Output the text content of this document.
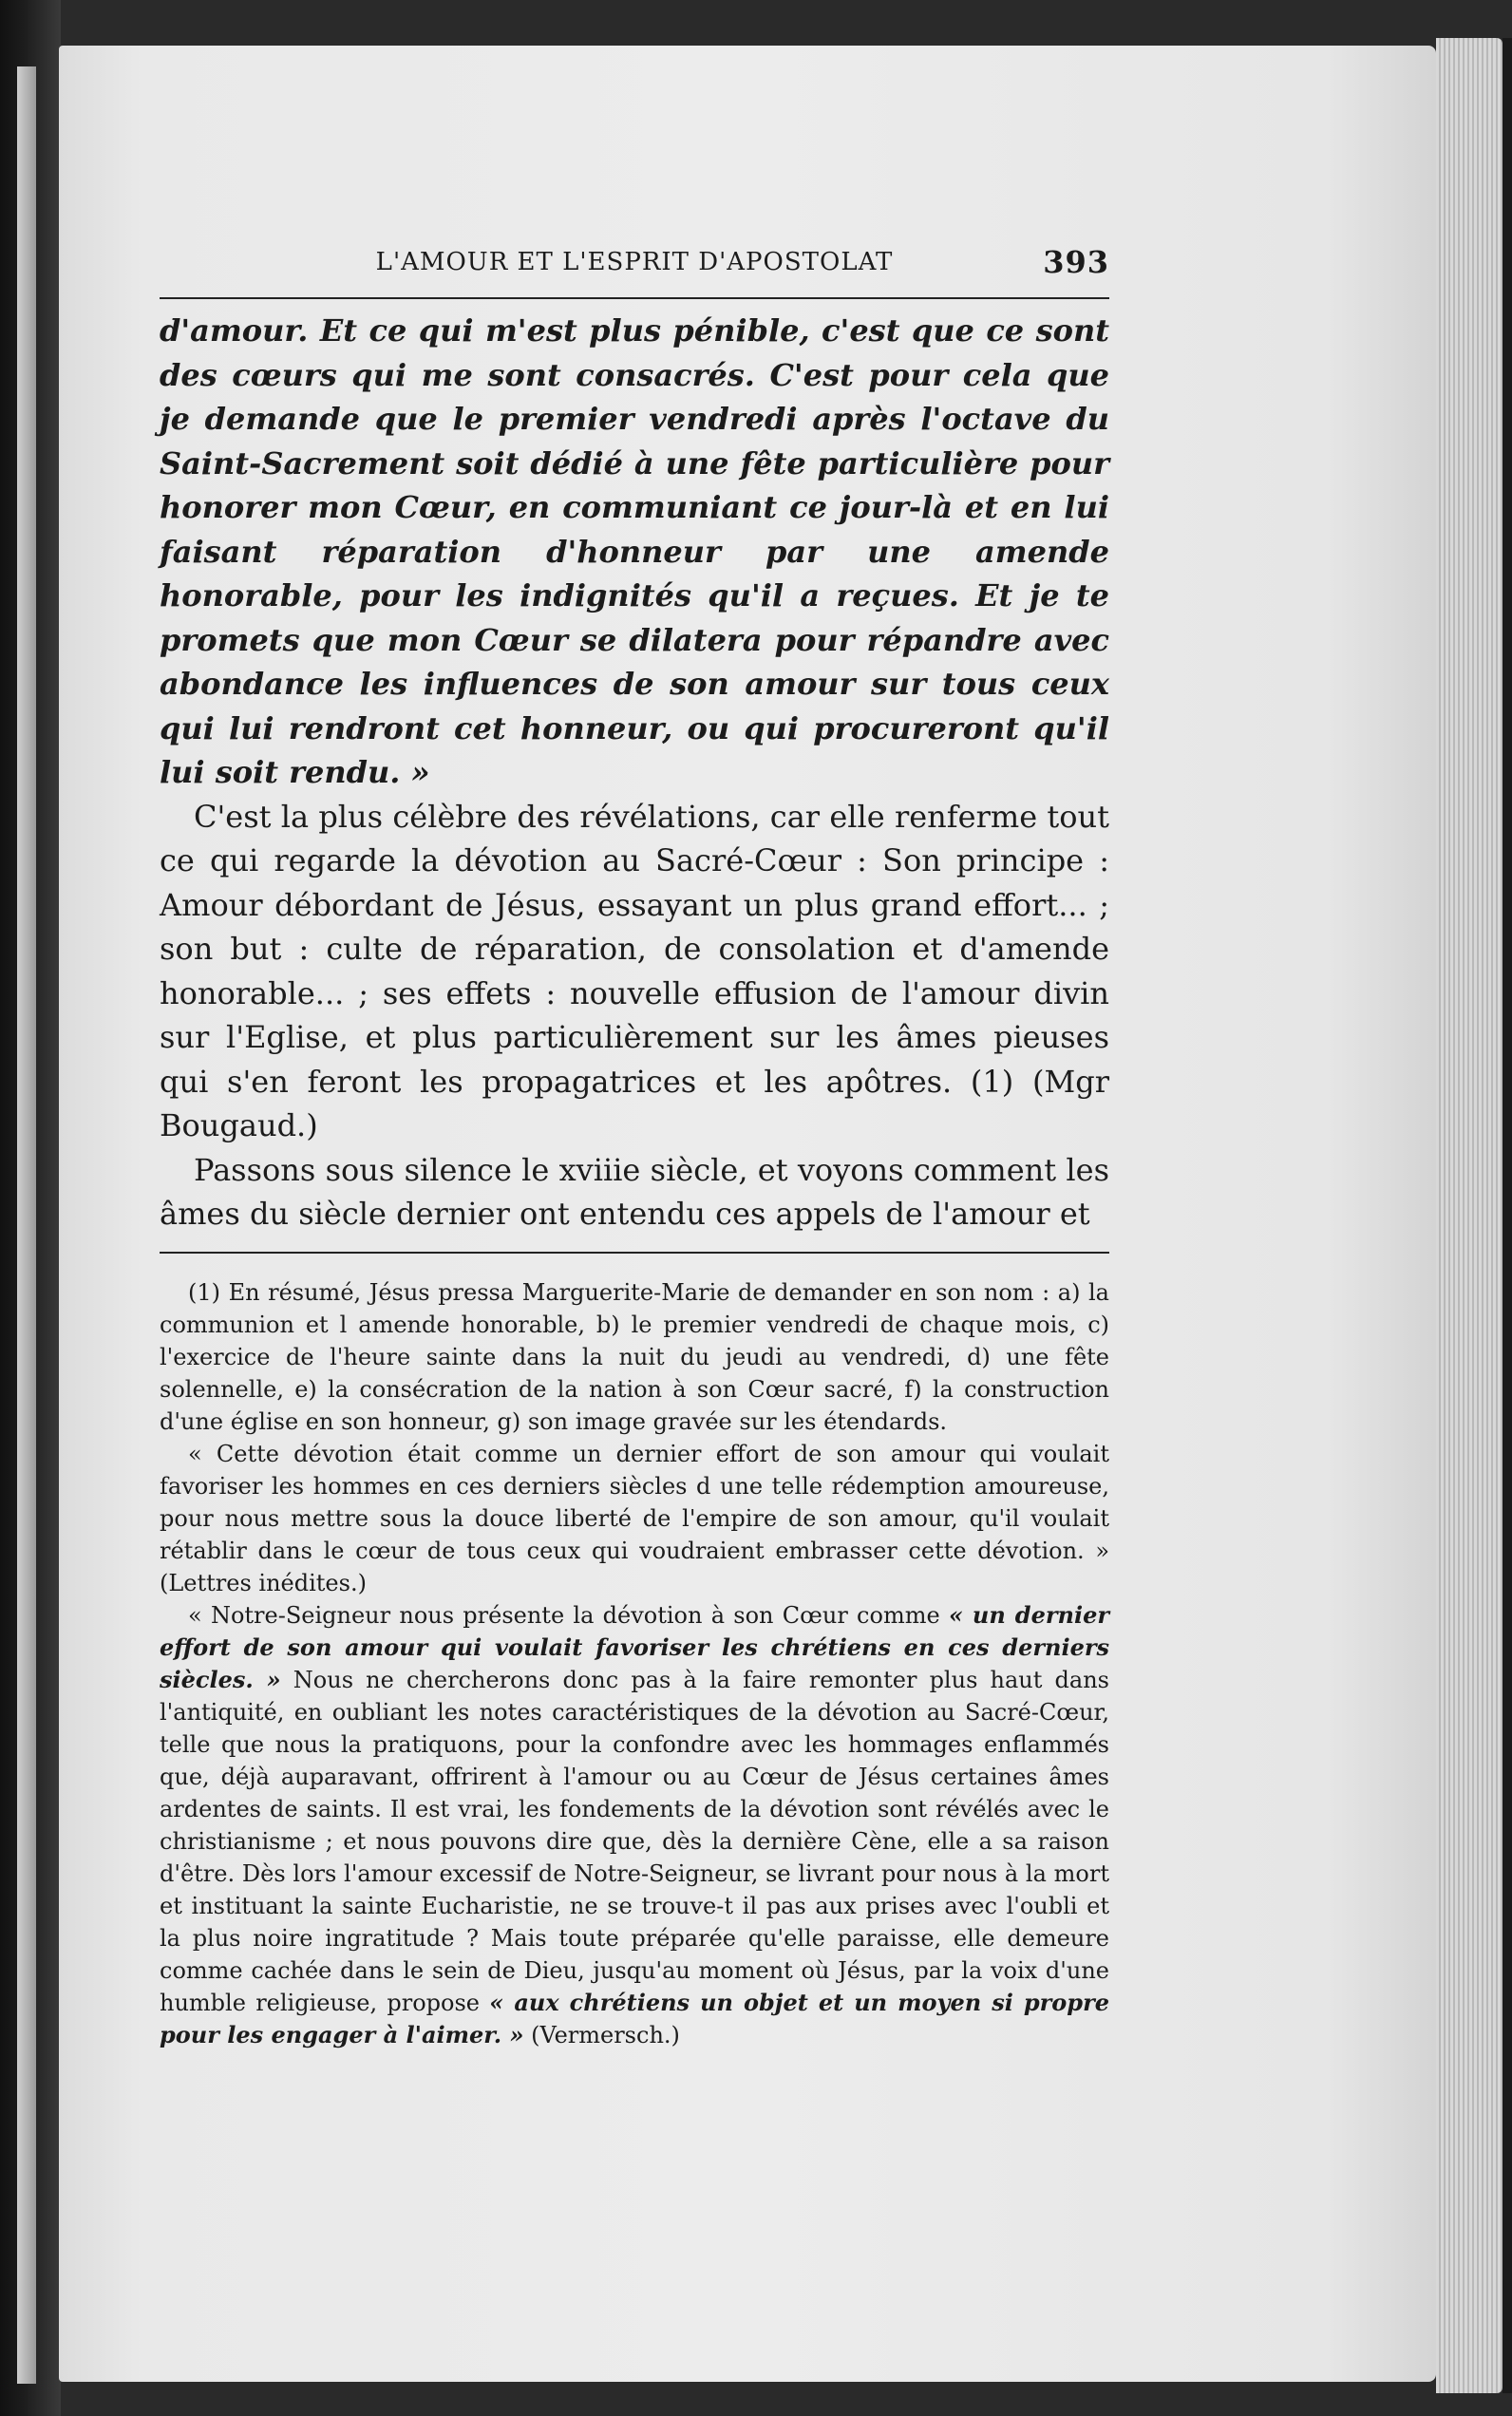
L'AMOUR ET L'ESPRIT D'APOSTOLAT	393

d'amour. Et ce qui m'est plus pénible, c'est que ce sont des cœurs qui me sont consacrés. C'est pour cela que je demande que le premier vendredi après l'octave du Saint-Sacrement soit dédié à une fête particulière pour honorer mon Cœur, en communiant ce jour-là et en lui faisant réparation d'honneur par une amende honorable, pour les indignités qu'il a reçues. Et je te promets que mon Cœur se dilatera pour répandre avec abondance les influences de son amour sur tous ceux qui lui rendront cet honneur, ou qui procureront qu'il lui soit rendu. »

C'est la plus célèbre des révélations, car elle renferme tout ce qui regarde la dévotion au Sacré-Cœur : Son principe : Amour débordant de Jésus, essayant un plus grand effort... ; son but : culte de réparation, de consolation et d'amende honorable... ; ses effets : nouvelle effusion de l'amour divin sur l'Eglise, et plus particulièrement sur les âmes pieuses qui s'en feront les propagatrices et les apôtres. (1) (Mgr Bougaud.)

Passons sous silence le xviiie siècle, et voyons comment les âmes du siècle dernier ont entendu ces appels de l'amour et

(1) En résumé, Jésus pressa Marguerite-Marie de demander en son nom : a) la communion et l amende honorable, b) le premier vendredi de chaque mois, c) l'exercice de l'heure sainte dans la nuit du jeudi au vendredi, d) une fête solennelle, e) la consécration de la nation à son Cœur sacré, f) la construction d'une église en son honneur, g) son image gravée sur les étendards.

« Cette dévotion était comme un dernier effort de son amour qui voulait favoriser les hommes en ces derniers siècles d une telle rédemption amoureuse, pour nous mettre sous la douce liberté de l'empire de son amour, qu'il voulait rétablir dans le cœur de tous ceux qui voudraient embrasser cette dévotion. » (Lettres inédites.)

« Notre-Seigneur nous présente la dévotion à son Cœur comme « un dernier effort de son amour qui voulait favoriser les chrétiens en ces derniers siècles. » Nous ne chercherons donc pas à la faire remonter plus haut dans l'antiquité, en oubliant les notes caractéristiques de la dévotion au Sacré-Cœur, telle que nous la pratiquons, pour la confondre avec les hommages enflammés que, déjà auparavant, offrirent à l'amour ou au Cœur de Jésus certaines âmes ardentes de saints. Il est vrai, les fondements de la dévotion sont révélés avec le christianisme ; et nous pouvons dire que, dès la dernière Cène, elle a sa raison d'être. Dès lors l'amour excessif de Notre-Seigneur, se livrant pour nous à la mort et instituant la sainte Eucharistie, ne se trouve-t il pas aux prises avec l'oubli et la plus noire ingratitude ? Mais toute préparée qu'elle paraisse, elle demeure comme cachée dans le sein de Dieu, jusqu'au moment où Jésus, par la voix d'une humble religieuse, propose « aux chrétiens un objet et un moyen si propre pour les engager à l'aimer. » (Vermersch.)
